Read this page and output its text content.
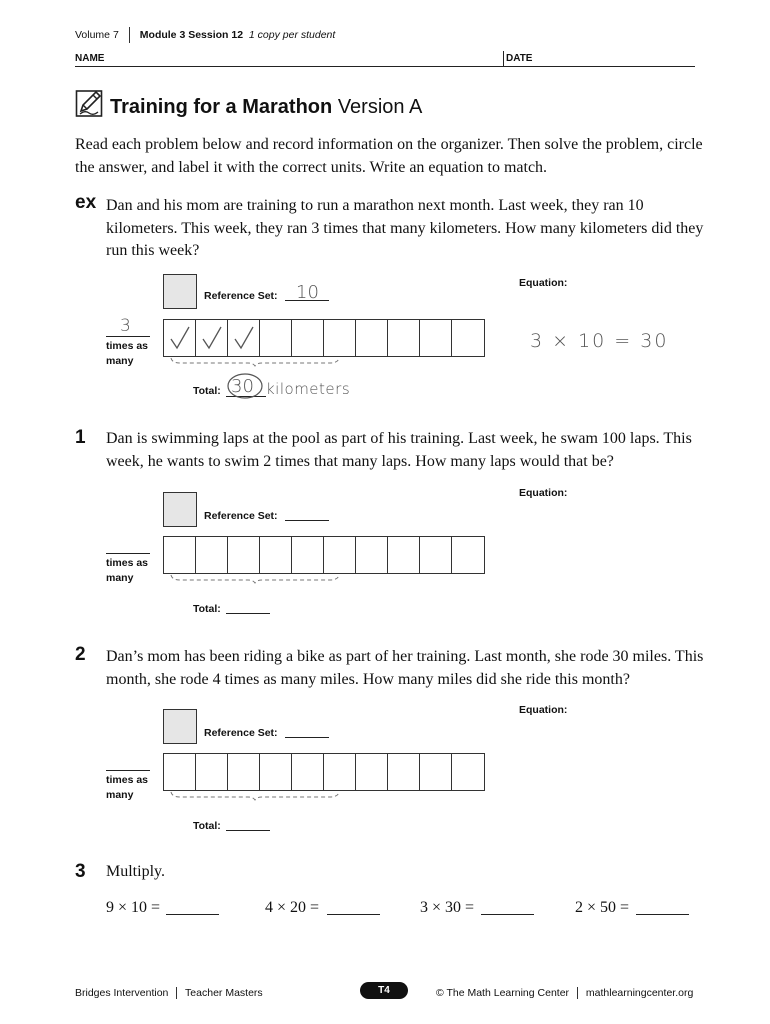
Volume 7 Module 3 Session 12 1 copy per student
NAME	DATE
Training for a Marathon Version A
Read each problem below and record information on the organizer. Then solve the problem, circle the answer, and label it with the correct units. Write an equation to match.
ex Dan and his mom are training to run a marathon next month. Last week, they ran 10 kilometers. This week, they ran 3 times that many kilometers. How many kilometers did they run this week?
Reference Set: 10
3
times as
many
Total: 30 kilometers
Equation:
3 × 10 = 30
1 Dan is swimming laps at the pool as part of his training. Last week, he swam 100 laps. This week, he wants to swim 2 times that many laps. How many laps would that be?
Reference Set:
times as
many
Total:
Equation:
2 Dan’s mom has been riding a bike as part of her training. Last month, she rode 30 miles. This month, she rode 4 times as many miles. How many miles did she ride this month?
Reference Set:
times as
many
Total:
Equation:
3 Multiply.
9 × 10 =	4 × 20 =	3 × 30 =	2 × 50 =
Bridges Intervention Teacher Masters	T4	© The Math Learning Center mathlearningcenter.org
